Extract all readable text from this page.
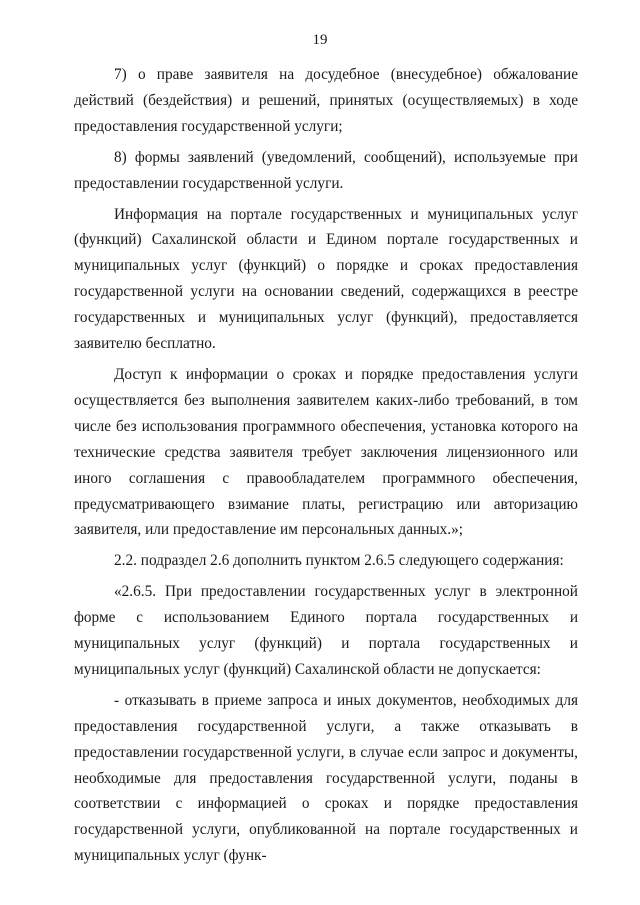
19

7) о праве заявителя на досудебное (внесудебное) обжалование действий (бездействия) и решений, принятых (осуществляемых) в ходе предоставления государственной услуги;

8) формы заявлений (уведомлений, сообщений), используемые при предоставлении государственной услуги.

Информация на портале государственных и муниципальных услуг (функций) Сахалинской области и Едином портале государственных и муниципальных услуг (функций) о порядке и сроках предоставления государственной услуги на основании сведений, содержащихся в реестре государственных и муниципальных услуг (функций), предоставляется заявителю бесплатно.

Доступ к информации о сроках и порядке предоставления услуги осуществляется без выполнения заявителем каких-либо требований, в том числе без использования программного обеспечения, установка которого на технические средства заявителя требует заключения лицензионного или иного соглашения с правообладателем программного обеспечения, предусматривающего взимание платы, регистрацию или авторизацию заявителя, или предоставление им персональных данных.»;

2.2. подраздел 2.6 дополнить пунктом 2.6.5 следующего содержания:

«2.6.5. При предоставлении государственных услуг в электронной форме с использованием Единого портала государственных и муниципальных услуг (функций) и портала государственных и муниципальных услуг (функций) Сахалинской области не допускается:

- отказывать в приеме запроса и иных документов, необходимых для предоставления государственной услуги, а также отказывать в предоставлении государственной услуги, в случае если запрос и документы, необходимые для предоставления государственной услуги, поданы в соответствии с информацией о сроках и порядке предоставления государственной услуги, опубликованной на портале государственных и муниципальных услуг (функ-
